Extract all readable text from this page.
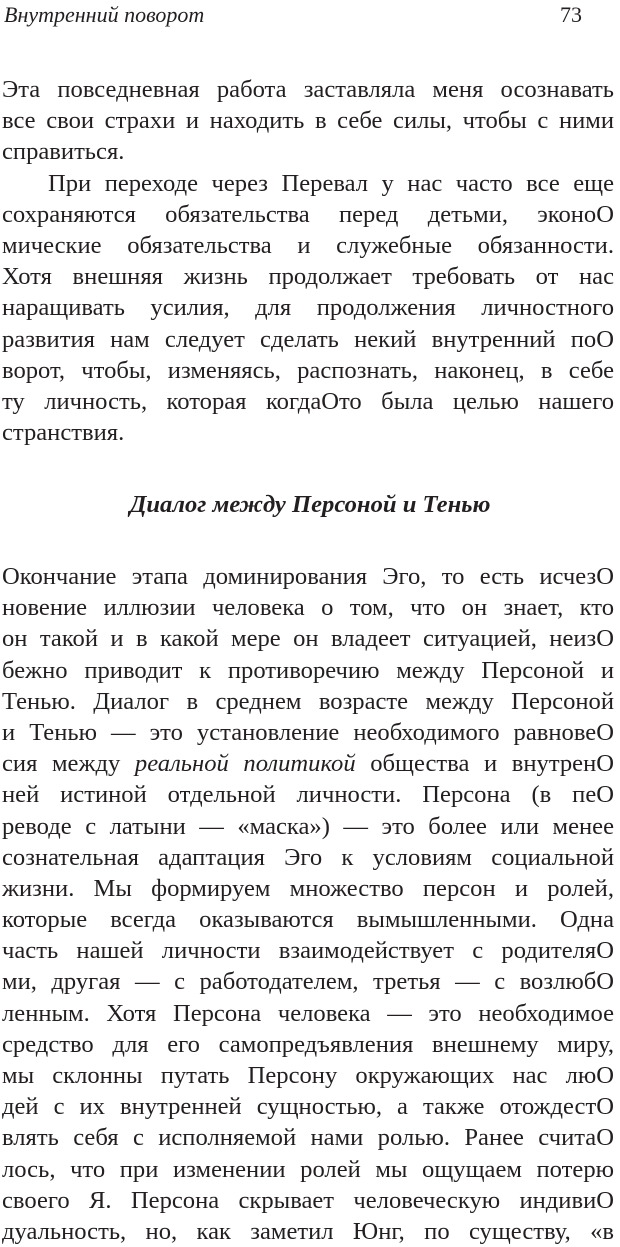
Внутренний поворот	73
Эта повседневная работа заставляла меня осознавать
все свои страхи и находить в себе силы, чтобы с ними
справиться.
При переходе через Перевал у нас часто все еще
сохраняются обязательства перед детьми, эконоО
мические обязательства и служебные обязанности.
Хотя внешняя жизнь продолжает требовать от нас
наращивать усилия, для продолжения личностного
развития нам следует сделать некий внутренний поО
ворот, чтобы, изменяясь, распознать, наконец, в себе
ту личность, которая когдаОто была целью нашего
странствия.
Диалог между Персоной и Тенью
Окончание этапа доминирования Эго, то есть исчезО
новение иллюзии человека о том, что он знает, кто
он такой и в какой мере он владеет ситуацией, неизО
бежно приводит к противоречию между Персоной и
Тенью. Диалог в среднем возрасте между Персоной
и Тенью — это установление необходимого равновеО
сия между реальной политикой общества и внутренО
ней истиной отдельной личности. Персона (в пеО
реводе с латыни — «маска») — это более или менее
сознательная адаптация Эго к условиям социальной
жизни. Мы формируем множество персон и ролей,
которые всегда оказываются вымышленными. Одна
часть нашей личности взаимодействует с родителяО
ми, другая — с работодателем, третья — с возлюбО
ленным. Хотя Персона человека — это необходимое
средство для его самопредъявления внешнему миру,
мы склонны путать Персону окружающих нас люО
дей с их внутренней сущностью, а также отождестО
влять себя с исполняемой нами ролью. Ранее считаО
лось, что при изменении ролей мы ощущаем потерю
своего Я. Персона скрывает человеческую индивиО
дуальность, но, как заметил Юнг, по существу, «в
